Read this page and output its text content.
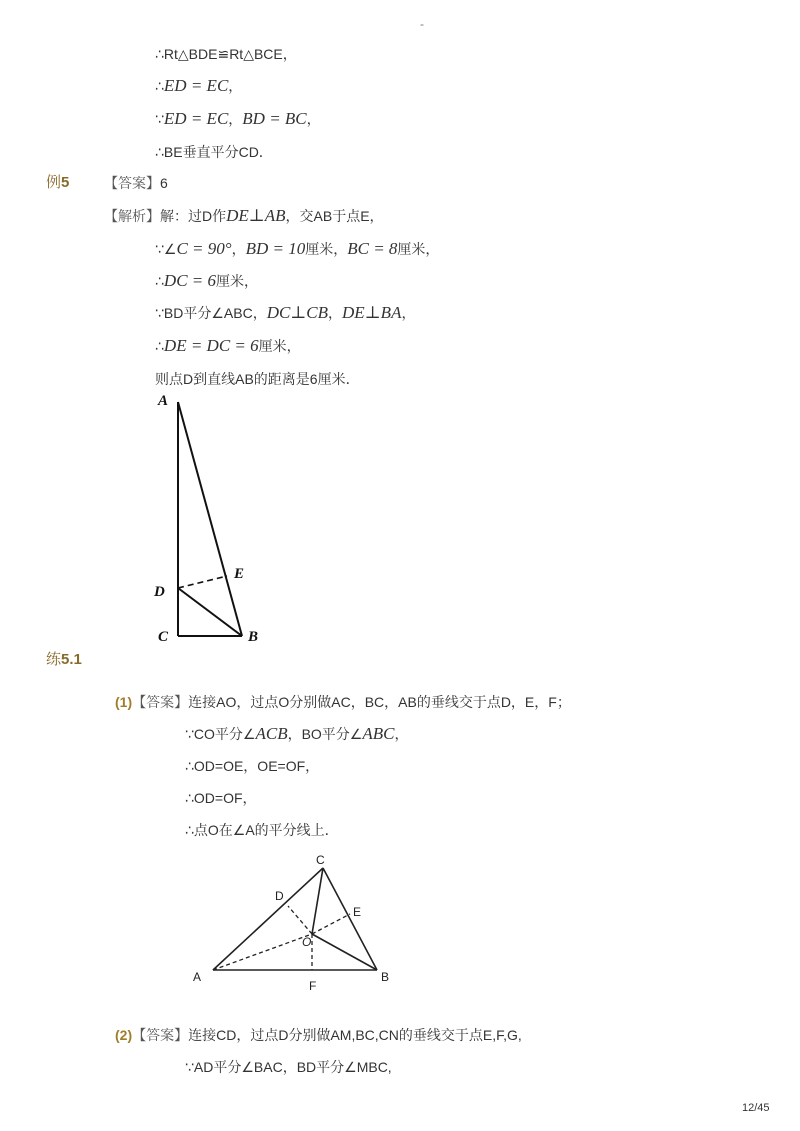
-
∴Rt△BDE≌Rt△BCE，
∴ED = EC，
∵ED = EC，BD = BC，
∴BE垂直平分CD．
例5 【答案】6
【解析】解：过D作DE⊥AB，交AB于点E，
∵∠C = 90°，BD = 10厘米，BC = 8厘米，
∴DC = 6厘米，
∵BD平分∠ABC，DC⊥CB，DE⊥BA，
∴DE = DC = 6厘米，
则点D到直线AB的距离是6厘米．
A
E
D
C	B
练5.1
(1)【答案】连接AO，过点O分别做AC，BC，AB的垂线交于点D，E，F；
∵CO平分∠ACB，BO平分∠ABC，
∴OD=OE，OE=OF，
∴OD=OF，
∴点O在∠A的平分线上．
C
D
E
O
A
F
B
(2)【答案】连接CD，过点D分别做AM,BC,CN的垂线交于点E,F,G,
∵AD平分∠BAC，BD平分∠MBC,
12/45
